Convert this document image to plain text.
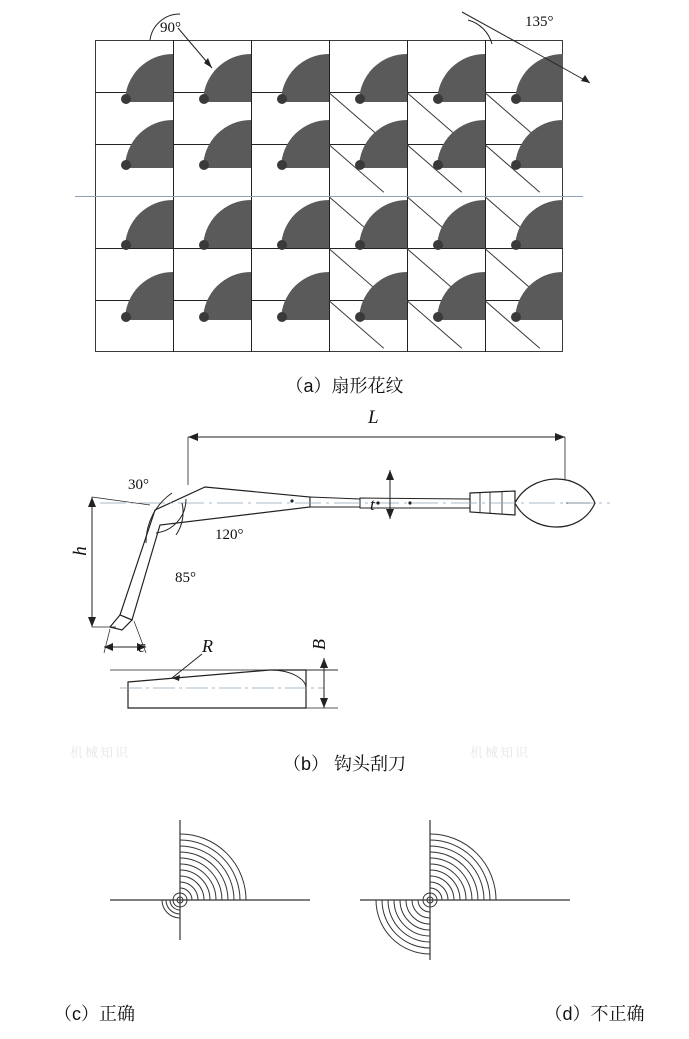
90°	135°
（a）扇形花纹
L
h
t
c
30°
120°
85°
R	B
机械知识	机械知识
（b） 钩头刮刀
（c）正确	（d）不正确
